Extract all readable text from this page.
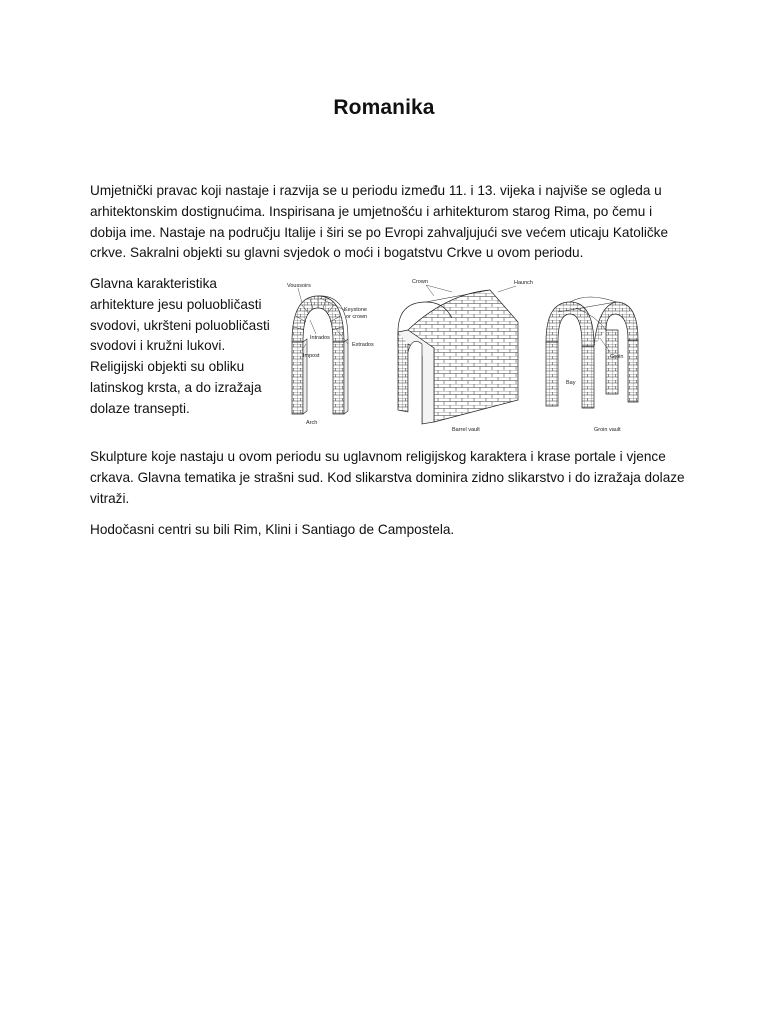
Romanika

Umjetnički pravac koji nastaje i razvija se u periodu između 11. i 13. vijeka i najviše se ogleda u arhitektonskim dostignućima. Inspirisana je umjetnošću i arhitekturom starog Rima, po čemu i dobija ime. Nastaje na području Italije i širi se po Evropi zahvaljujući sve većem uticaju Katoličke crkve. Sakralni objekti su glavni svjedok o moći i bogatstvu Crkve u ovom periodu.

Glavna karakteristika arhitekture jesu poluobličasti svodovi, ukršteni poluobličasti svodovi i kružni lukovi. Religijski objekti su obliku latinskog krsta, a do izražaja dolaze transepti.

Voussoirs
Keystone
or crown
Intrados
Extrados
Impost
Arch
Crown	Haunch
Barrel vault
Groin
Bay
Groin vault

Skulpture koje nastaju u ovom periodu su uglavnom religijskog karaktera i krase portale i vjence crkava. Glavna tematika je strašni sud. Kod slikarstva dominira zidno slikarstvo i do izražaja dolaze vitraži.

Hodočasni centri su bili Rim, Klini i Santiago de Campostela.
